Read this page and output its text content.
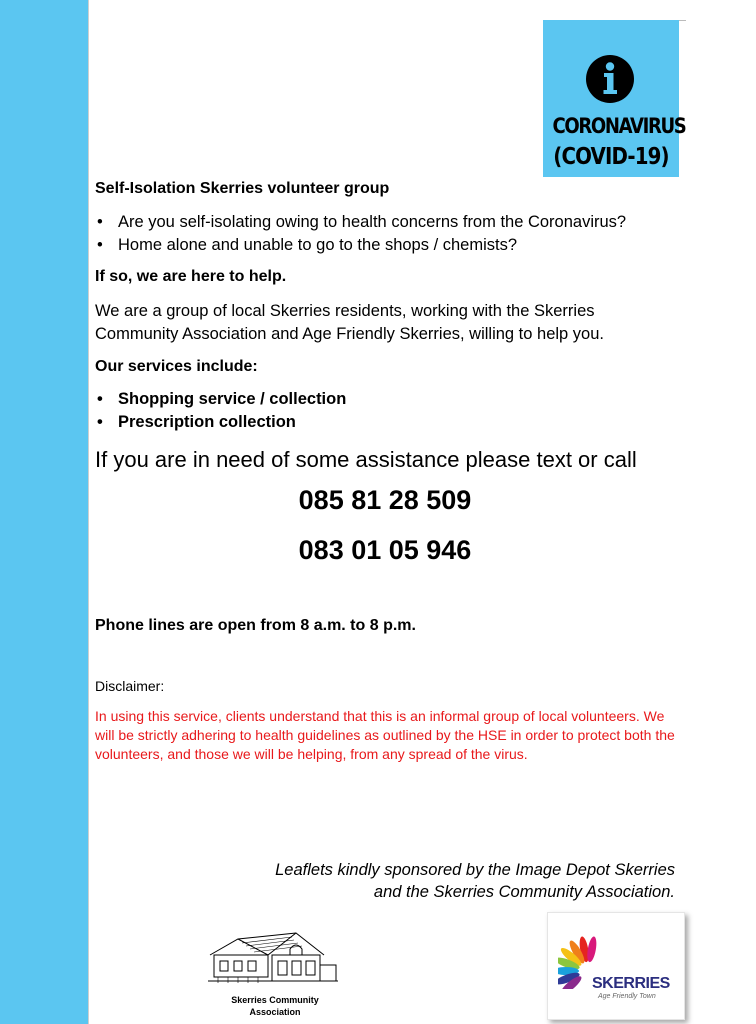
CORONAVIRUS
(COVID-19)
Self-Isolation Skerries volunteer group
• Are you self-isolating owing to health concerns from the Coronavirus?
• Home alone and unable to go to the shops / chemists?
If so, we are here to help.
We are a group of local Skerries residents, working with the Skerries Community Association and Age Friendly Skerries, willing to help you.
Our services include:
• Shopping service / collection
• Prescription collection
If you are in need of some assistance please text or call
085 81 28 509
083 01 05 946
Phone lines are open from 8 a.m. to 8 p.m.
Disclaimer:
In using this service, clients understand that this is an informal group of local volunteers. We will be strictly adhering to health guidelines as outlined by the HSE in order to protect both the volunteers, and those we will be helping, from any spread of the virus.
Leaflets kindly sponsored by the Image Depot Skerries
and the Skerries Community Association.
Skerries Community
Association
SKERRIES
Age Friendly Town
